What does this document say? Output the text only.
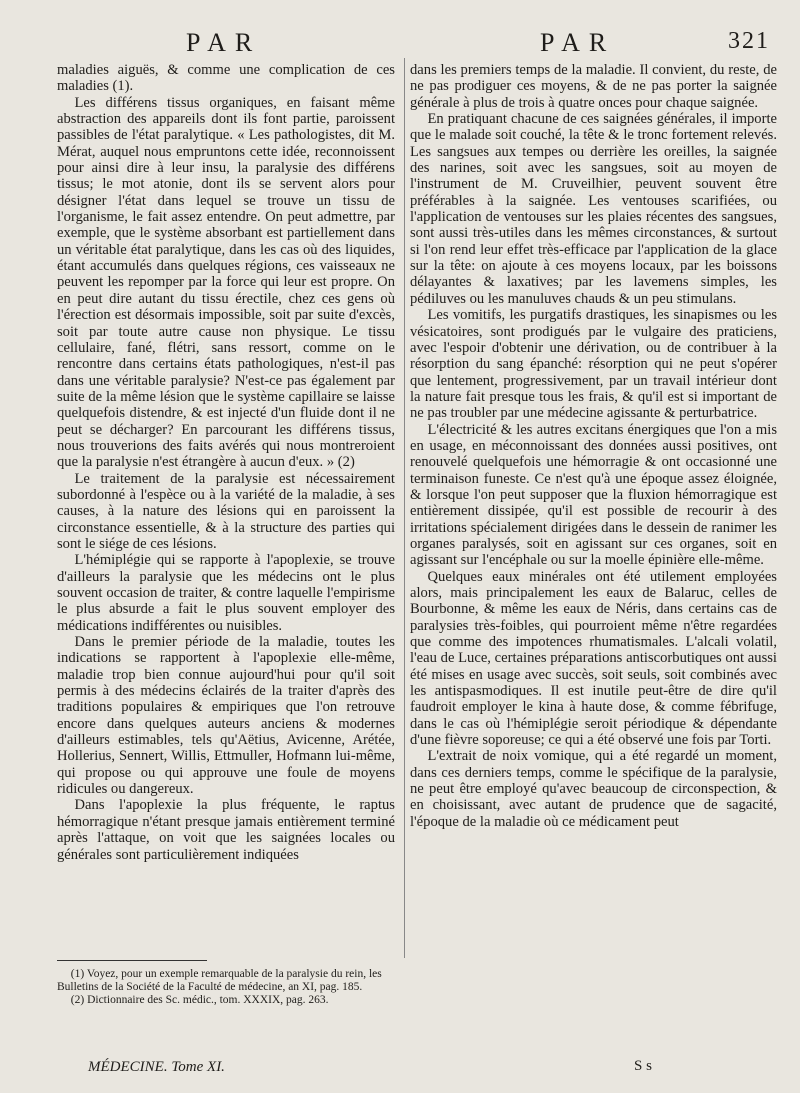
PAR	PAR	321

maladies aiguës, & comme une complication de ces maladies (1).

Les différens tissus organiques, en faisant même abstraction des appareils dont ils font partie, paroissent passibles de l'état paralytique. « Les pathologistes, dit M. Mérat, auquel nous empruntons cette idée, reconnoissent pour ainsi dire à leur insu, la paralysie des différens tissus; le mot atonie, dont ils se servent alors pour désigner l'état dans lequel se trouve un tissu de l'organisme, le fait assez entendre. On peut admettre, par exemple, que le système absorbant est partiellement dans un véritable état paralytique, dans les cas où des liquides, étant accumulés dans quelques régions, ces vaisseaux ne peuvent les repomper par la force qui leur est propre. On en peut dire autant du tissu érectile, chez ces gens où l'érection est désormais impossible, soit par suite d'excès, soit par toute autre cause non physique. Le tissu cellulaire, fané, flétri, sans ressort, comme on le rencontre dans certains états pathologiques, n'est-il pas dans une véritable paralysie? N'est-ce pas également par suite de la même lésion que le système capillaire se laisse quelquefois distendre, & est injecté d'un fluide dont il ne peut se décharger? En parcourant les différens tissus, nous trouverions des faits avérés qui nous montreroient que la paralysie n'est étrangère à aucun d'eux. » (2)

Le traitement de la paralysie est nécessairement subordonné à l'espèce ou à la variété de la maladie, à ses causes, à la nature des lésions qui en paroissent la circonstance essentielle, & à la structure des parties qui sont le siége de ces lésions.

L'hémiplégie qui se rapporte à l'apoplexie, se trouve d'ailleurs la paralysie que les médecins ont le plus souvent occasion de traiter, & contre laquelle l'empirisme le plus absurde a fait le plus souvent employer des médications indifférentes ou nuisibles.

Dans le premier période de la maladie, toutes les indications se rapportent à l'apoplexie elle-même, maladie trop bien connue aujourd'hui pour qu'il soit permis à des médecins éclairés de la traiter d'après des traditions populaires & empiriques que l'on retrouve encore dans quelques auteurs anciens & modernes d'ailleurs estimables, tels qu'Aëtius, Avicenne, Arétée, Hollerius, Sennert, Willis, Ettmuller, Hofmann lui-même, qui propose ou qui approuve une foule de moyens ridicules ou dangereux.

Dans l'apoplexie la plus fréquente, le raptus hémorragique n'étant presque jamais entièrement terminé après l'attaque, on voit que les saignées locales ou générales sont particulièrement indiquées

dans les premiers temps de la maladie. Il convient, du reste, de ne pas prodiguer ces moyens, & de ne pas porter la saignée générale à plus de trois à quatre onces pour chaque saignée.

En pratiquant chacune de ces saignées générales, il importe que le malade soit couché, la tête & le tronc fortement relevés. Les sangsues aux tempes ou derrière les oreilles, la saignée des narines, soit avec les sangsues, soit au moyen de l'instrument de M. Cruveilhier, peuvent souvent être préférables à la saignée. Les ventouses scarifiées, ou l'application de ventouses sur les plaies récentes des sangsues, sont aussi très-utiles dans les mêmes circonstances, & surtout si l'on rend leur effet très-efficace par l'application de la glace sur la tête: on ajoute à ces moyens locaux, par les boissons délayantes & laxatives; par les lavemens simples, les pédiluves ou les manuluves chauds & un peu stimulans.

Les vomitifs, les purgatifs drastiques, les sinapismes ou les vésicatoires, sont prodigués par le vulgaire des praticiens, avec l'espoir d'obtenir une dérivation, ou de contribuer à la résorption du sang épanché: résorption qui ne peut s'opérer que lentement, progressivement, par un travail intérieur dont la nature fait presque tous les frais, & qu'il est si important de ne pas troubler par une médecine agissante & perturbatrice.

L'électricité & les autres excitans énergiques que l'on a mis en usage, en méconnoissant des données aussi positives, ont renouvelé quelquefois une hémorragie & ont occasionné une terminaison funeste. Ce n'est qu'à une époque assez éloignée, & lorsque l'on peut supposer que la fluxion hémorragique est entièrement dissipée, qu'il est possible de recourir à des irritations spécialement dirigées dans le dessein de ranimer les organes paralysés, soit en agissant sur ces organes, soit en agissant sur l'encéphale ou sur la moelle épinière elle-même.

Quelques eaux minérales ont été utilement employées alors, mais principalement les eaux de Balaruc, celles de Bourbonne, & même les eaux de Néris, dans certains cas de paralysies très-foibles, qui pourroient même n'être regardées que comme des impotences rhumatismales. L'alcali volatil, l'eau de Luce, certaines préparations antiscorbutiques ont aussi été mises en usage avec succès, soit seuls, soit combinés avec les antispasmodiques. Il est inutile peut-être de dire qu'il faudroit employer le kina à haute dose, & comme fébrifuge, dans le cas où l'hémiplégie seroit périodique & dépendante d'une fièvre soporeuse; ce qui a été observé une fois par Torti.

L'extrait de noix vomique, qui a été regardé un moment, dans ces derniers temps, comme le spécifique de la paralysie, ne peut être employé qu'avec beaucoup de circonspection, & en choisissant, avec autant de prudence que de sagacité, l'époque de la maladie où ce médicament peut

(1) Voyez, pour un exemple remarquable de la paralysie du rein, les Bulletins de la Société de la Faculté de médecine, an XI, pag. 185.

(2) Dictionnaire des Sc. médic., tom. XXXIX, pag. 263.

MÉDECINE. Tome XI.	S s
